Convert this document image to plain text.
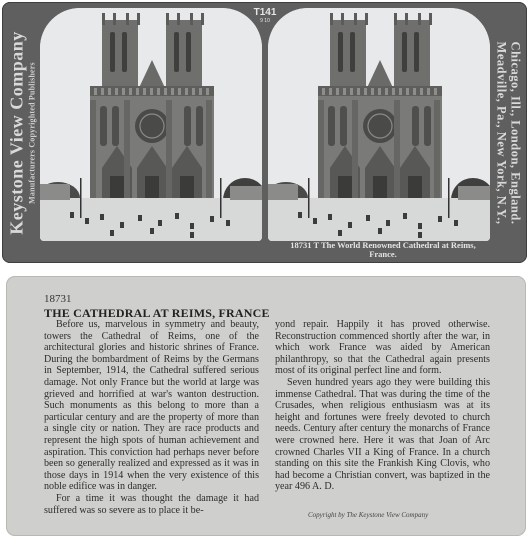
Keystone View Company Manufacturers Copyrighted Publishers
T141
9 10
18731 T The World Renowned Cathedral at Reims,
France.
Meadville, Pa., New York, N.Y., Chicago, Ill., London, England.
18731
THE CATHEDRAL AT REIMS, FRANCE

Before us, marvelous in symmetry and beauty, towers the Cathedral of Reims, one of the architectural glories and historic shrines of France. During the bombardment of Reims by the Germans in September, 1914, the Cathedral suffered serious damage. Not only France but the world at large was grieved and horrified at war's wanton destruction. Such monuments as this belong to more than a particular century and are the property of more than a single city or nation. They are race products and represent the high spots of human achievement and aspiration. This conviction had perhaps never before been so generally realized and expressed as it was in those days in 1914 when the very existence of this noble edifice was in danger.

For a time it was thought the damage it had suffered was so severe as to place it be-

yond repair. Happily it has proved otherwise. Reconstruction commenced shortly after the war, in which work France was aided by American philanthropy, so that the Cathedral again presents most of its original perfect line and form.

Seven hundred years ago they were building this immense Cathedral. That was during the time of the Crusades, when religious enthusiasm was at its height and fortunes were freely devoted to church needs. Century after century the monarchs of France were crowned here. Here it was that Joan of Arc crowned Charles VII a King of France. In a church standing on this site the Frankish King Clovis, who had become a Christian convert, was baptized in the year 496 A. D.

Copyright by The Keystone View Company
